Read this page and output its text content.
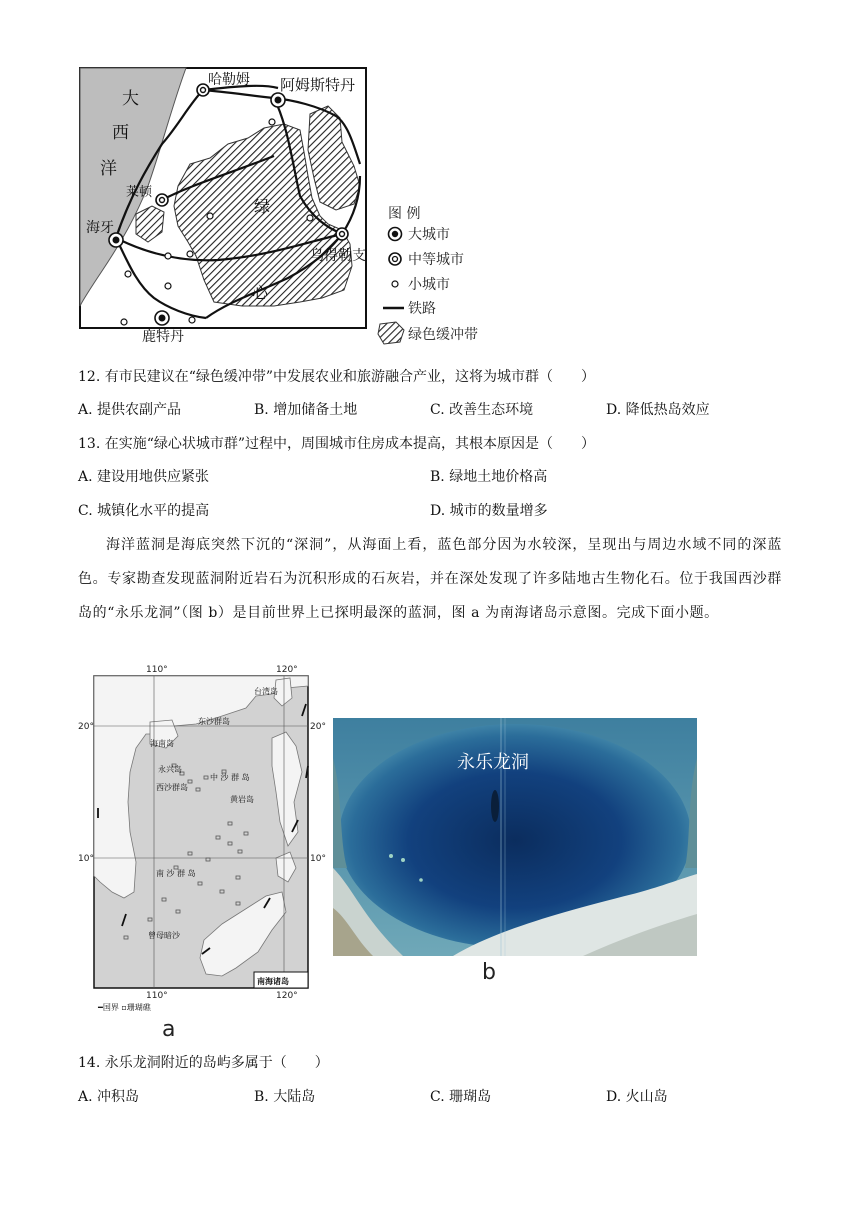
大
西
洋
绿
心
哈勒姆 阿姆斯特丹
莱顿
海牙
乌得勒支
鹿特丹
图 例
大城市
中等城市
小城市
铁路
绿色缓冲带
12. 有市民建议在“绿色缓冲带”中发展农业和旅游融合产业，这将为城市群（　　）
A. 提供农副产品	B. 增加储备土地	C. 改善生态环境	D. 降低热岛效应
13. 在实施“绿心状城市群”过程中，周围城市住房成本提高，其根本原因是（　　）
A. 建设用地供应紧张	B. 绿地土地价格高
C. 城镇化水平的提高	D. 城市的数量增多
海洋蓝洞是海底突然下沉的“深洞”，从海面上看，蓝色部分因为水较深，呈现出与周边水域不同的深蓝色。专家勘查发现蓝洞附近岩石为沉积形成的石灰岩，并在深处发现了许多陆地古生物化石。位于我国西沙群岛的“永乐龙洞”（图 b）是目前世界上已探明最深的蓝洞，图 a 为南海诸岛示意图。完成下面小题。
110°	120°
110°	120°
20°	20°
10°	10°
台湾岛
东沙群岛
海南岛
永兴岛
西沙群岛
中 沙 群 岛
黄岩岛
南 沙 群 岛
曾母暗沙
南海诸岛
━国界 ▫珊瑚礁
a
永乐龙洞
b
14. 永乐龙洞附近的岛屿多属于（　　）
A. 冲积岛	B. 大陆岛	C. 珊瑚岛	D. 火山岛
